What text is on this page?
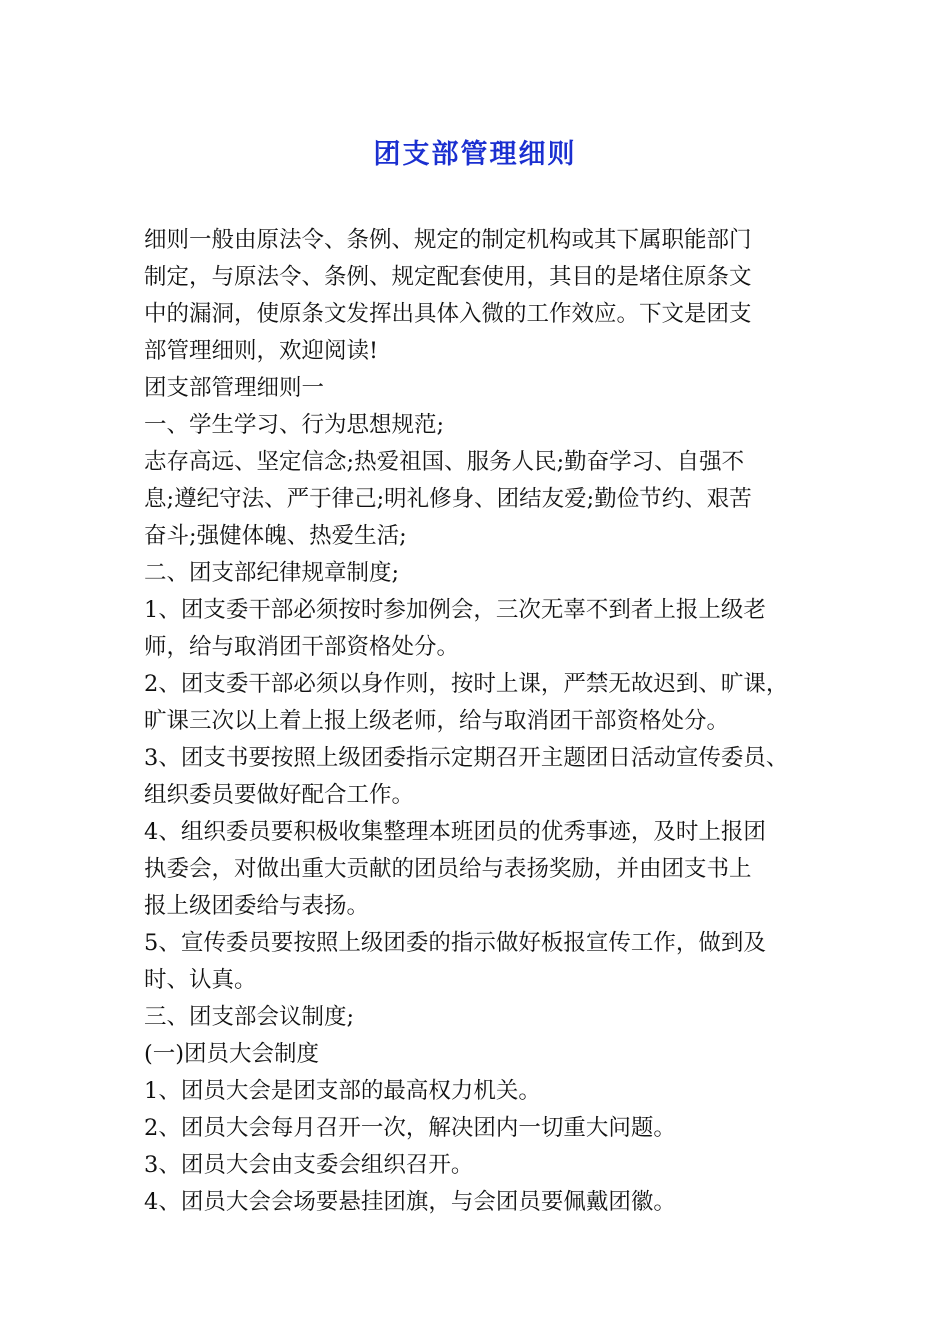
团支部管理细则
细则一般由原法令、条例、规定的制定机构或其下属职能部门
制定，与原法令、条例、规定配套使用，其目的是堵住原条文
中的漏洞，使原条文发挥出具体入微的工作效应。下文是团支
部管理细则，欢迎阅读!
团支部管理细则一
一、学生学习、行为思想规范;
志存高远、坚定信念;热爱祖国、服务人民;勤奋学习、自强不
息;遵纪守法、严于律己;明礼修身、团结友爱;勤俭节约、艰苦
奋斗;强健体魄、热爱生活;
二、团支部纪律规章制度;
1、团支委干部必须按时参加例会，三次无辜不到者上报上级老
师，给与取消团干部资格处分。
2、团支委干部必须以身作则，按时上课，严禁无故迟到、旷课，
旷课三次以上着上报上级老师，给与取消团干部资格处分。
3、团支书要按照上级团委指示定期召开主题团日活动宣传委员、
组织委员要做好配合工作。
4、组织委员要积极收集整理本班团员的优秀事迹，及时上报团
执委会，对做出重大贡献的团员给与表扬奖励，并由团支书上
报上级团委给与表扬。
5、宣传委员要按照上级团委的指示做好板报宣传工作，做到及
时、认真。
三、团支部会议制度;
(一)团员大会制度
1、团员大会是团支部的最高权力机关。
2、团员大会每月召开一次，解决团内一切重大问题。
3、团员大会由支委会组织召开。
4、团员大会会场要悬挂团旗，与会团员要佩戴团徽。
